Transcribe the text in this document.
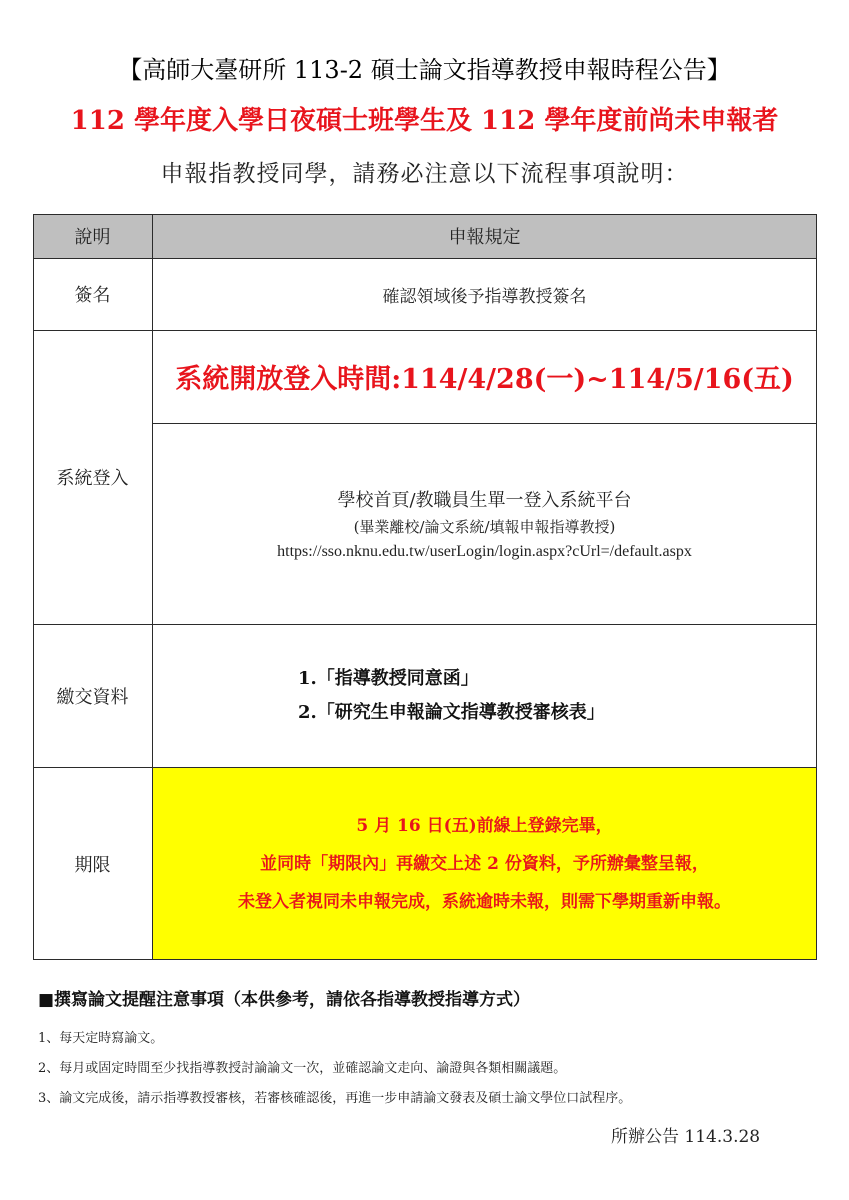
【高師大臺研所 113-2 碩士論文指導教授申報時程公告】
112 學年度入學日夜碩士班學生及 112 學年度前尚未申報者
申報指教授同學，請務必注意以下流程事項說明：
說明	申報規定
簽名	確認領域後予指導教授簽名
系統登入
系統開放登入時間:114/4/28(一)~114/5/16(五)
學校首頁/教職員生單一登入系統平台
(畢業離校/論文系統/填報申報指導教授)
https://sso.nknu.edu.tw/userLogin/login.aspx?cUrl=/default.aspx
繳交資料
1.「指導教授同意函」
2.「研究生申報論文指導教授審核表」
期限
5 月 16 日(五)前線上登錄完畢，
並同時「期限內」再繳交上述 2 份資料，予所辦彙整呈報，
未登入者視同未申報完成，系統逾時未報，則需下學期重新申報。
■撰寫論文提醒注意事項（本供參考，請依各指導教授指導方式）
1、每天定時寫論文。
2、每月或固定時間至少找指導教授討論論文一次，並確認論文走向、論證與各類相關議題。
3、論文完成後，請示指導教授審核，若審核確認後，再進一步申請論文發表及碩士論文學位口試程序。
所辦公告 114.3.28
